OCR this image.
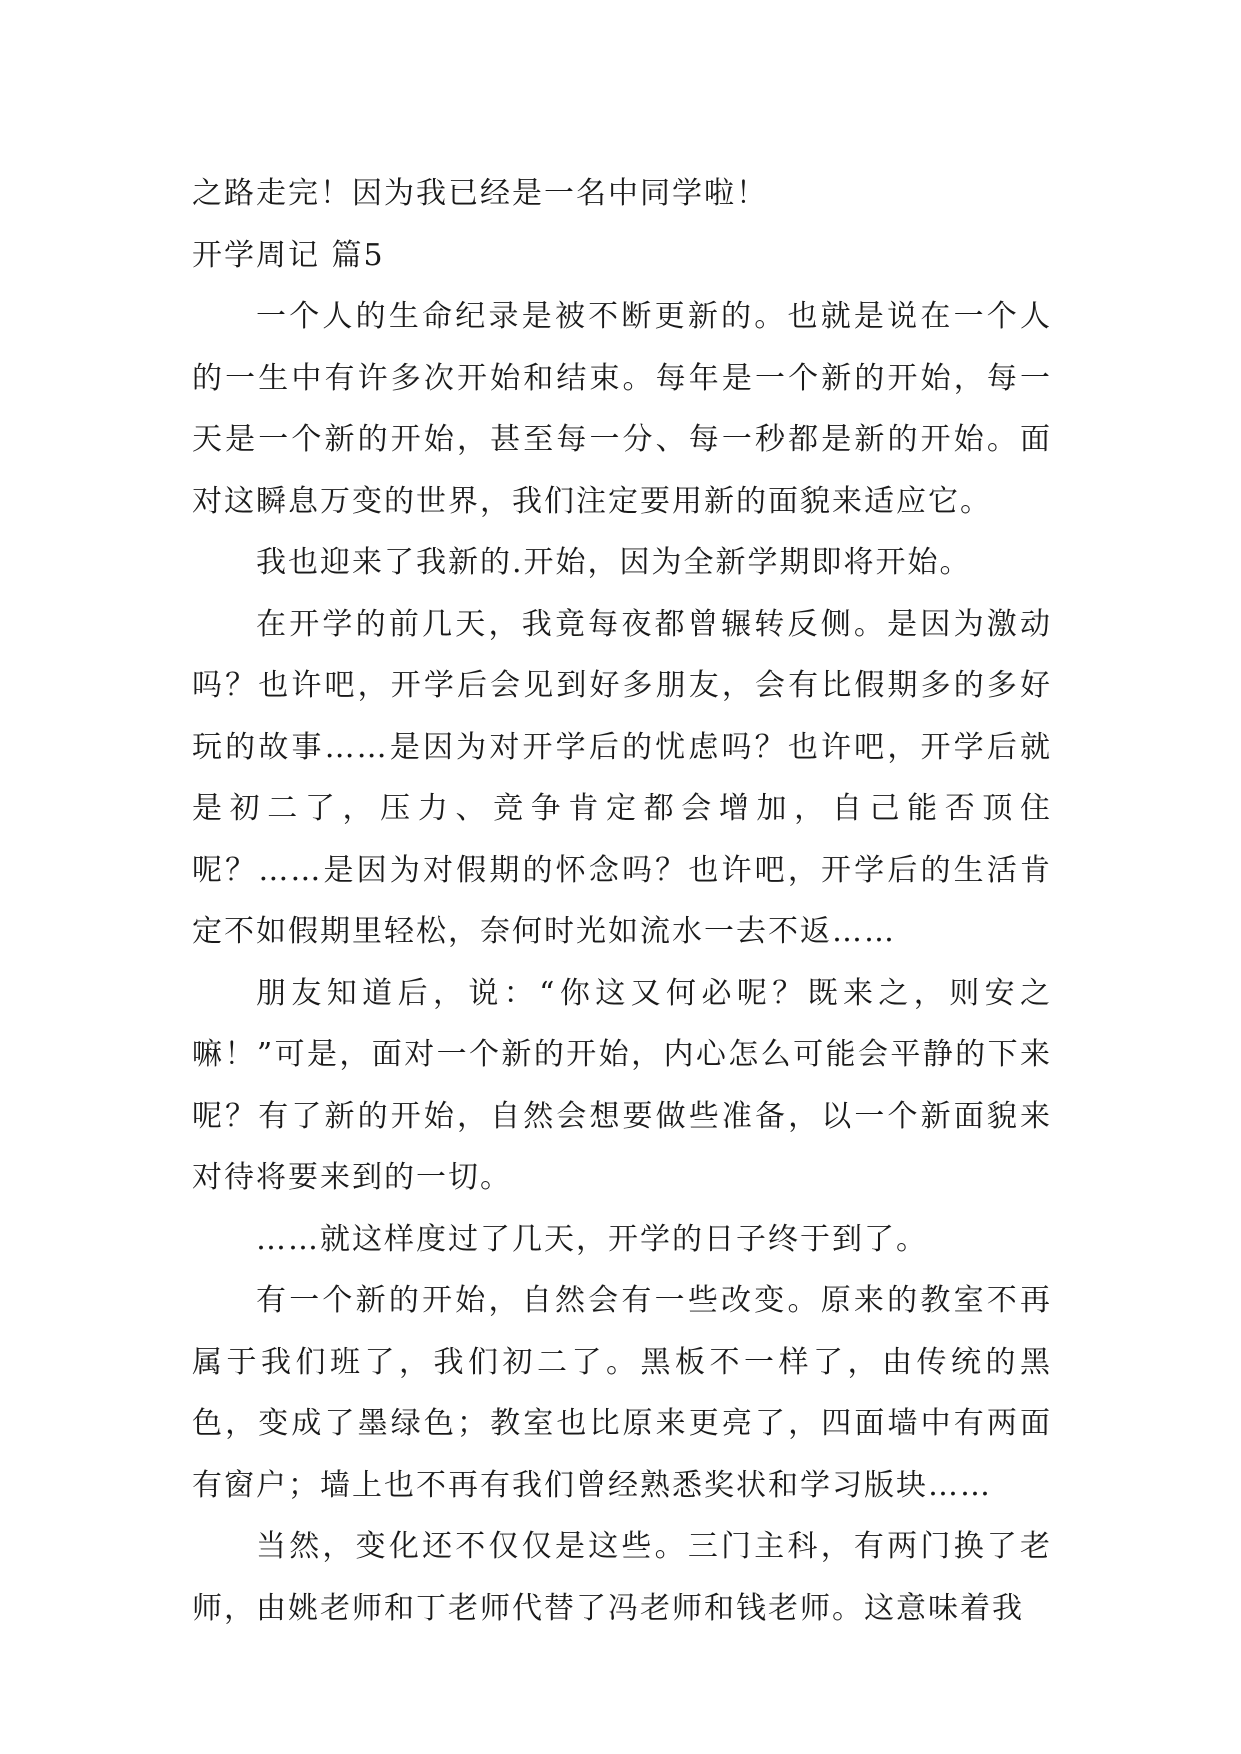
之路走完！因为我已经是一名中同学啦！

开学周记 篇5

一个人的生命纪录是被不断更新的。也就是说在一个人的一生中有许多次开始和结束。每年是一个新的开始，每一天是一个新的开始，甚至每一分、每一秒都是新的开始。面对这瞬息万变的世界，我们注定要用新的面貌来适应它。

我也迎来了我新的.开始，因为全新学期即将开始。

在开学的前几天，我竟每夜都曾辗转反侧。是因为激动吗？也许吧，开学后会见到好多朋友，会有比假期多的多好玩的故事……是因为对开学后的忧虑吗？也许吧，开学后就是初二了，压力、竞争肯定都会增加，自己能否顶住呢？……是因为对假期的怀念吗？也许吧，开学后的生活肯定不如假期里轻松，奈何时光如流水一去不返……

朋友知道后，说：“你这又何必呢？既来之，则安之嘛！”可是，面对一个新的开始，内心怎么可能会平静的下来呢？有了新的开始，自然会想要做些准备，以一个新面貌来对待将要来到的一切。

……就这样度过了几天，开学的日子终于到了。

有一个新的开始，自然会有一些改变。原来的教室不再属于我们班了，我们初二了。黑板不一样了，由传统的黑色，变成了墨绿色；教室也比原来更亮了，四面墙中有两面有窗户；墙上也不再有我们曾经熟悉奖状和学习版块……

当然，变化还不仅仅是这些。三门主科，有两门换了老师，由姚老师和丁老师代替了冯老师和钱老师。这意味着我
